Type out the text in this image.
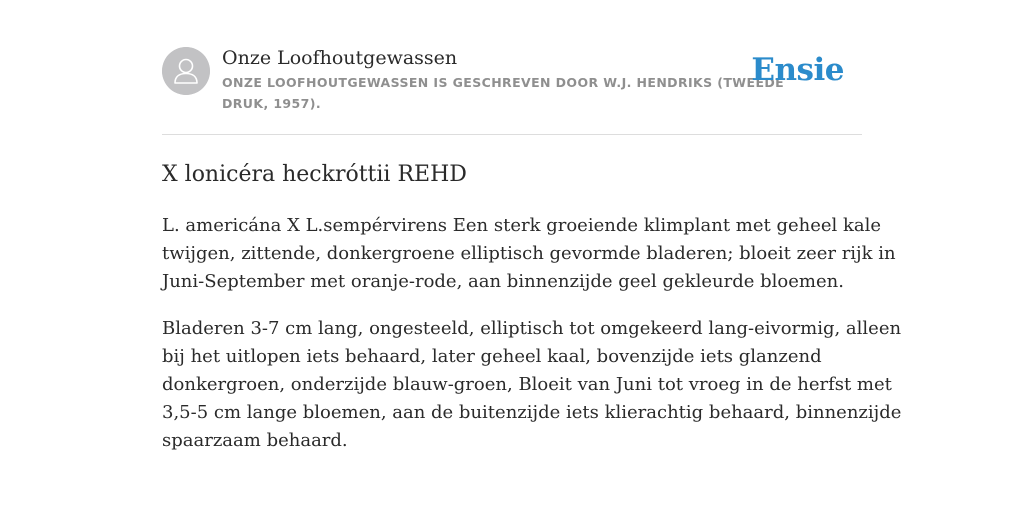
Onze Loofhoutgewassen
ONZE LOOFHOUTGEWASSEN IS GESCHREVEN DOOR W.J. HENDRIKS (TWEEDE
DRUK, 1957).
Ensie
X lonicéra heckróttii REHD
L. americána X L.sempérvirens Een sterk groeiende klimplant met geheel kale
twijgen, zittende, donkergroene elliptisch gevormde bladeren; bloeit zeer rijk in
Juni-September met oranje-rode, aan binnenzijde geel gekleurde bloemen.
Bladeren 3-7 cm lang, ongesteeld, elliptisch tot omgekeerd lang-eivormig, alleen
bij het uitlopen iets behaard, later geheel kaal, bovenzijde iets glanzend
donkergroen, onderzijde blauw-groen, Bloeit van Juni tot vroeg in de herfst met
3,5-5 cm lange bloemen, aan de buitenzijde iets klierachtig behaard, binnenzijde
spaarzaam behaard.
